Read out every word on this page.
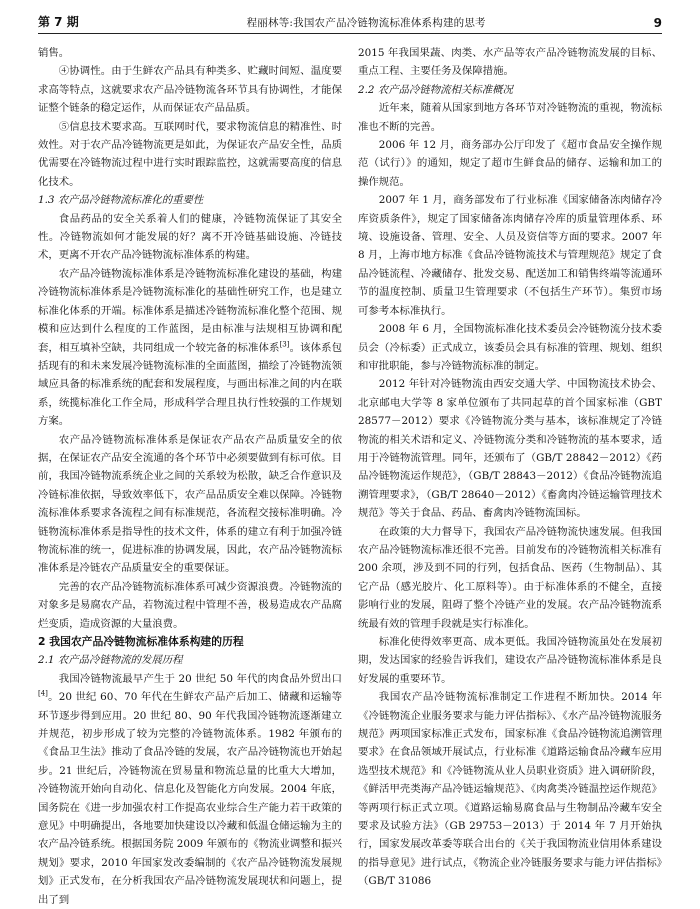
第 7 期	程丽林等:我国农产品冷链物流标准体系构建的思考	9

销售。

④协调性。由于生鲜农产品具有种类多、贮藏时间短、温度要求高等特点，这就要求农产品冷链物流各环节具有协调性，才能保证整个链条的稳定运作，从而保证农产品品质。

⑤信息技术要求高。互联网时代，要求物流信息的精准性、时效性。对于农产品冷链物流更是如此，为保证农产品安全性，品质优需要在冷链物流过程中进行实时跟踪监控，这就需要高度的信息化技术。

1.3 农产品冷链物流标准化的重要性

食品药品的安全关系着人们的健康，冷链物流保证了其安全性。冷链物流如何才能发展的好？离不开冷链基础设施、冷链技术，更离不开农产品冷链物流标准体系的构建。

农产品冷链物流标准体系是冷链物流标准化建设的基础，构建冷链物流标准体系是冷链物流标准化的基础性研究工作，也是建立标准化体系的开端。标准体系是描述冷链物流标准化整个范围、规模和应达到什么程度的工作蓝图，是由标准与法规相互协调和配套，相互填补空缺，共同组成一个较完备的标准体系[3]。该体系包括现有的和未来发展冷链物流标准的全面蓝图，描绘了冷链物流领域应具备的标准系统的配套和发展程度，与画出标准之间的内在联系，统揽标准化工作全局，形成科学合理且执行性较强的工作规划方案。

农产品冷链物流标准体系是保证农产品农产品质量安全的依据，在保证农产品安全流通的各个环节中必须要做到有标可依。目前，我国冷链物流系统企业之间的关系较为松散，缺乏合作意识及冷链标准依据，导致效率低下，农产品品质安全难以保障。冷链物流标准体系要求各流程之间有标准规范，各流程交接标准明确。冷链物流标准体系是指导性的技术文件，体系的建立有利于加强冷链物流标准的统一，促进标准的协调发展，因此，农产品冷链物流标准体系是冷链农产品质量安全的重要保证。

完善的农产品冷链物流标准体系可减少资源浪费。冷链物流的对象多是易腐农产品，若物流过程中管理不善，极易造成农产品腐烂变质，造成资源的大量浪费。

2 我国农产品冷链物流标准体系构建的历程

2.1 农产品冷链物流的发展历程

我国冷链物流最早产生于 20 世纪 50 年代的肉食品外贸出口[4]。20 世纪 60、70 年代在生鲜农产品产后加工、储藏和运输等环节逐步得到应用。20 世纪 80、90 年代我国冷链物流逐渐建立并规范，初步形成了较为完整的冷链物流体系。1982 年颁布的《食品卫生法》推动了食品冷链的发展，农产品冷链物流也开始起步。21 世纪后，冷链物流在贸易量和物流总量的比重大大增加，冷链物流开始向自动化、信息化及智能化方向发展。2004 年底，国务院在《进一步加强农村工作提高农业综合生产能力若干政策的意见》中明确提出，各地要加快建设以冷藏和低温仓储运输为主的农产品冷链系统。根据国务院 2009 年颁布的《物流业调整和振兴规划》要求，2010 年国家发改委编制的《农产品冷链物流发展规划》正式发布，在分析我国农产品冷链物流发展现状和问题上，提出了到

2015 年我国果蔬、肉类、水产品等农产品冷链物流发展的目标、重点工程、主要任务及保障措施。

2.2 农产品冷链物流相关标准概况

近年来，随着从国家到地方各环节对冷链物流的重视，物流标准也不断的完善。

2006 年 12 月，商务部办公厅印发了《超市食品安全操作规范（试行）》的通知，规定了超市生鲜食品的储存、运输和加工的操作规范。

2007 年 1 月，商务部发布了行业标准《国家储备冻肉储存冷库资质条件》，规定了国家储备冻肉储存冷库的质量管理体系、环境、设施设备、管理、安全、人员及资信等方面的要求。2007 年 8 月，上海市地方标准《食品冷链物流技术与管理规范》规定了食品冷链流程、冷藏储存、批发交易、配送加工和销售终端等流通环节的温度控制、质量卫生管理要求（不包括生产环节）。集贸市场可参考本标准执行。

2008 年 6 月，全国物流标准化技术委员会冷链物流分技术委员会（冷标委）正式成立，该委员会具有标准的管理、规划、组织和审批职能，参与冷链物流标准的制定。

2012 年针对冷链物流由西安交通大学、中国物流技术协会、北京邮电大学等 8 家单位颁布了共同起草的首个国家标准（GBT 28577－2012）要求《冷链物流分类与基本，该标准规定了冷链物流的相关术语和定义、冷链物流分类和冷链物流的基本要求，适用于冷链物流管理。同年，还颁布了（GB/T 28842－2012）《药品冷链物流运作规范》，（GB/T 28843－2012）《食品冷链物流追溯管理要求》，（GB/T 28640－2012）《畜禽肉冷链运输管理技术规范》等关于食品、药品、畜禽肉冷链物流国标。

在政策的大力督导下，我国农产品冷链物流快速发展。但我国农产品冷链物流标准还很不完善。目前发布的冷链物流相关标准有 200 余项，涉及到不同的行列，包括食品、医药（生物制品）、其它产品（感光胶片、化工原料等）。由于标准体系的不健全，直接影响行业的发展，阻碍了整个冷链产业的发展。农产品冷链物流系统最有效的管理手段就是实行标准化。

标准化使得效率更高、成本更低。我国冷链物流虽处在发展初期，发达国家的经验告诉我们，建设农产品冷链物流标准体系是良好发展的重要环节。

我国农产品冷链物流标准制定工作进程不断加快。2014 年《冷链物流企业服务要求与能力评估指标》、《水产品冷链物流服务规范》两项国家标准正式发布，国家标准《食品冷链物流追溯管理要求》在食品领域开展试点，行业标准《道路运输食品冷藏车应用选型技术规范》和《冷链物流从业人员职业资质》进入调研阶段，《鲜活甲壳类海产品冷链运输规范》、《肉禽类冷链温控运作规范》等两项行标正式立项。《道路运输易腐食品与生物制品冷藏车安全要求及试验方法》（GB 29753－2013）于 2014 年 7 月开始执行，国家发展改革委等联合出台的《关于我国物流业信用体系建设的指导意见》进行试点，《物流企业冷链服务要求与能力评估指标》（GB/T 31086
